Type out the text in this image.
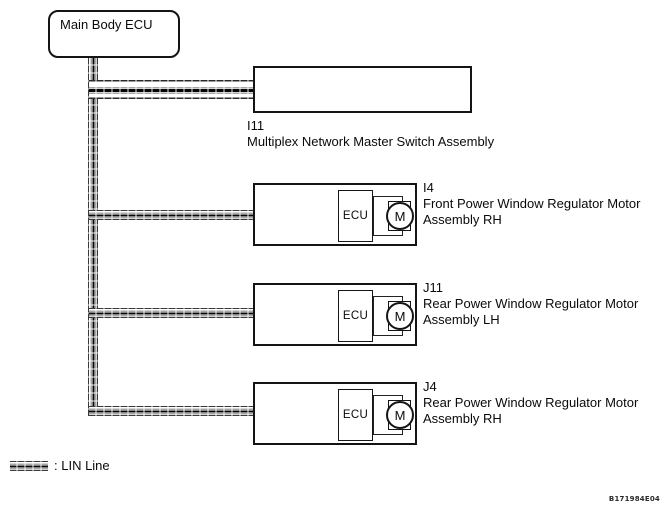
Main Body ECU
I11
Multiplex Network Master Switch Assembly
ECU	M
I4
Front Power Window Regulator Motor
Assembly RH
ECU	M
J11
Rear Power Window Regulator Motor
Assembly LH
ECU	M
J4
Rear Power Window Regulator Motor
Assembly RH
: LIN Line
B171984E04
